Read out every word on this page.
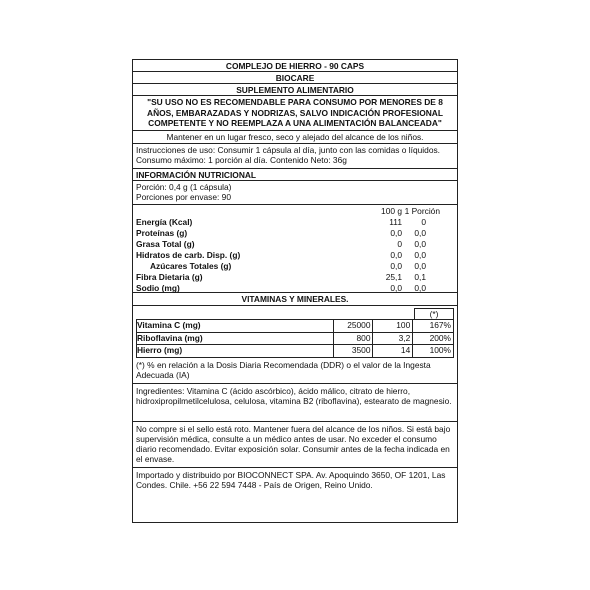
COMPLEJO DE HIERRO - 90 CAPS
BIOCARE
SUPLEMENTO ALIMENTARIO
"SU USO NO ES RECOMENDABLE PARA CONSUMO POR MENORES DE 8 AÑOS, EMBARAZADAS Y NODRIZAS, SALVO INDICACIÓN PROFESIONAL COMPETENTE Y NO REEMPLAZA A UNA ALIMENTACIÓN BALANCEADA"
Mantener en un lugar fresco, seco y alejado del alcance de los niños.
Instrucciones de uso: Consumir 1 cápsula al día, junto con las comidas o líquidos.
Consumo máximo: 1 porción al día. Contenido Neto: 36g
INFORMACIÓN NUTRICIONAL
Porción: 0,4 g (1 cápsula)
Porciones por envase: 90
100 g 1 Porción
Energía (Kcal)	111	0
Proteínas (g)	0,0	0,0
Grasa Total (g)	0	0,0
Hidratos de carb. Disp. (g)	0,0	0,0
Azúcares Totales (g)	0,0	0,0
Fibra Dietaria (g)	25,1	0,1
Sodio (mg)	0,0	0,0
VITAMINAS Y MINERALES.
(*)
Vitamina C (mg)	25000	100	167%
Riboflavina (mg)	800	3,2	200%
Hierro (mg)	3500	14	100%
(*) % en relación a la Dosis Diaria Recomendada (DDR) o el valor de la Ingesta Adecuada (IA)
Ingredientes: Vitamina C (ácido ascórbico), ácido málico, citrato de hierro, hidroxipropilmetilcelulosa, celulosa, vitamina B2 (riboflavina), estearato de magnesio.
No compre si el sello está roto. Mantener fuera del alcance de los niños. Si está bajo supervisión médica, consulte a un médico antes de usar. No exceder el consumo diario recomendado. Evitar exposición solar. Consumir antes de la fecha indicada en el envase.
Importado y distribuido por BIOCONNECT SPA. Av. Apoquindo 3650, OF 1201, Las Condes. Chile. +56 22 594 7448 - País de Origen, Reino Unido.
